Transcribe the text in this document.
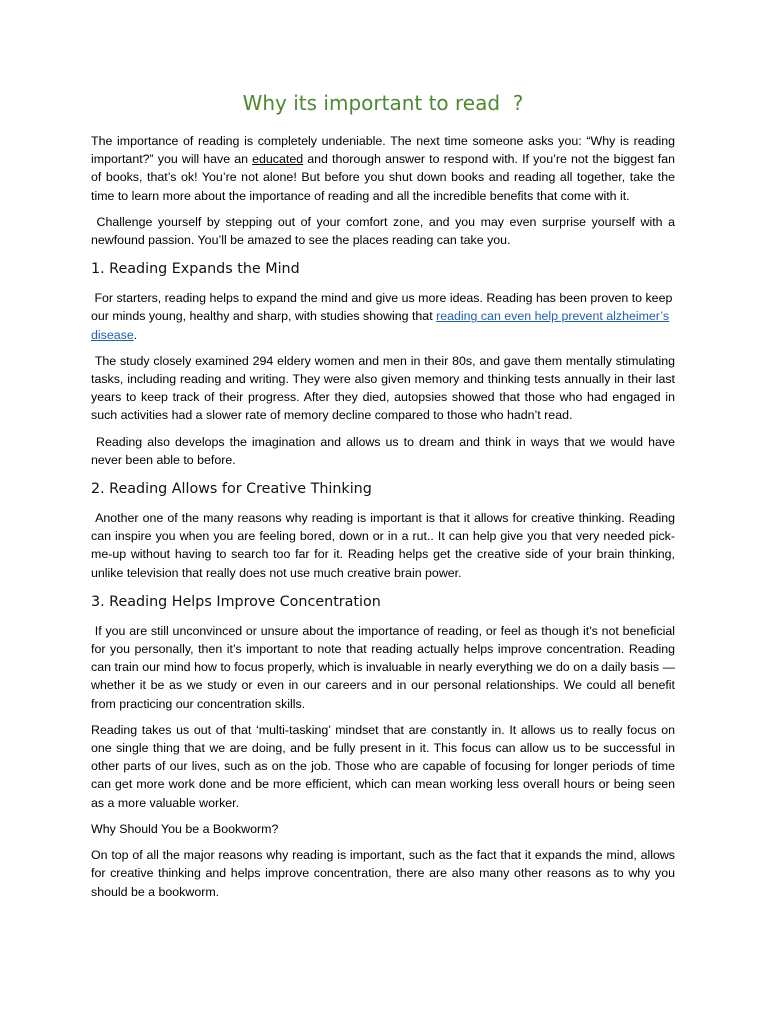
Why its important to read  ?

The importance of reading is completely undeniable. The next time someone asks you: “Why is reading important?” you will have an educated and thorough answer to respond with. If you’re not the biggest fan of books, that’s ok! You’re not alone! But before you shut down books and reading all together, take the time to learn more about the importance of reading and all the incredible benefits that come with it.

Challenge yourself by stepping out of your comfort zone, and you may even surprise yourself with a newfound passion. You’ll be amazed to see the places reading can take you.

1. Reading Expands the Mind

For starters, reading helps to expand the mind and give us more ideas. Reading has been proven to keep our minds young, healthy and sharp, with studies showing that reading can even help prevent alzheimer’s disease.

The study closely examined 294 eldery women and men in their 80s, and gave them mentally stimulating tasks, including reading and writing. They were also given memory and thinking tests annually in their last years to keep track of their progress. After they died, autopsies showed that those who had engaged in such activities had a slower rate of memory decline compared to those who hadn’t read.

Reading also develops the imagination and allows us to dream and think in ways that we would have never been able to before.

2. Reading Allows for Creative Thinking

Another one of the many reasons why reading is important is that it allows for creative thinking. Reading can inspire you when you are feeling bored, down or in a rut.. It can help give you that very needed pick-me-up without having to search too far for it. Reading helps get the creative side of your brain thinking, unlike television that really does not use much creative brain power.

3. Reading Helps Improve Concentration

If you are still unconvinced or unsure about the importance of reading, or feel as though it’s not beneficial for you personally, then it’s important to note that reading actually helps improve concentration. Reading can train our mind how to focus properly, which is invaluable in nearly everything we do on a daily basis — whether it be as we study or even in our careers and in our personal relationships. We could all benefit from practicing our concentration skills.

Reading takes us out of that ‘multi-tasking’ mindset that are constantly in. It allows us to really focus on one single thing that we are doing, and be fully present in it. This focus can allow us to be successful in other parts of our lives, such as on the job. Those who are capable of focusing for longer periods of time can get more work done and be more efficient, which can mean working less overall hours or being seen as a more valuable worker.

Why Should You be a Bookworm?

On top of all the major reasons why reading is important, such as the fact that it expands the mind, allows for creative thinking and helps improve concentration, there are also many other reasons as to why you should be a bookworm.
